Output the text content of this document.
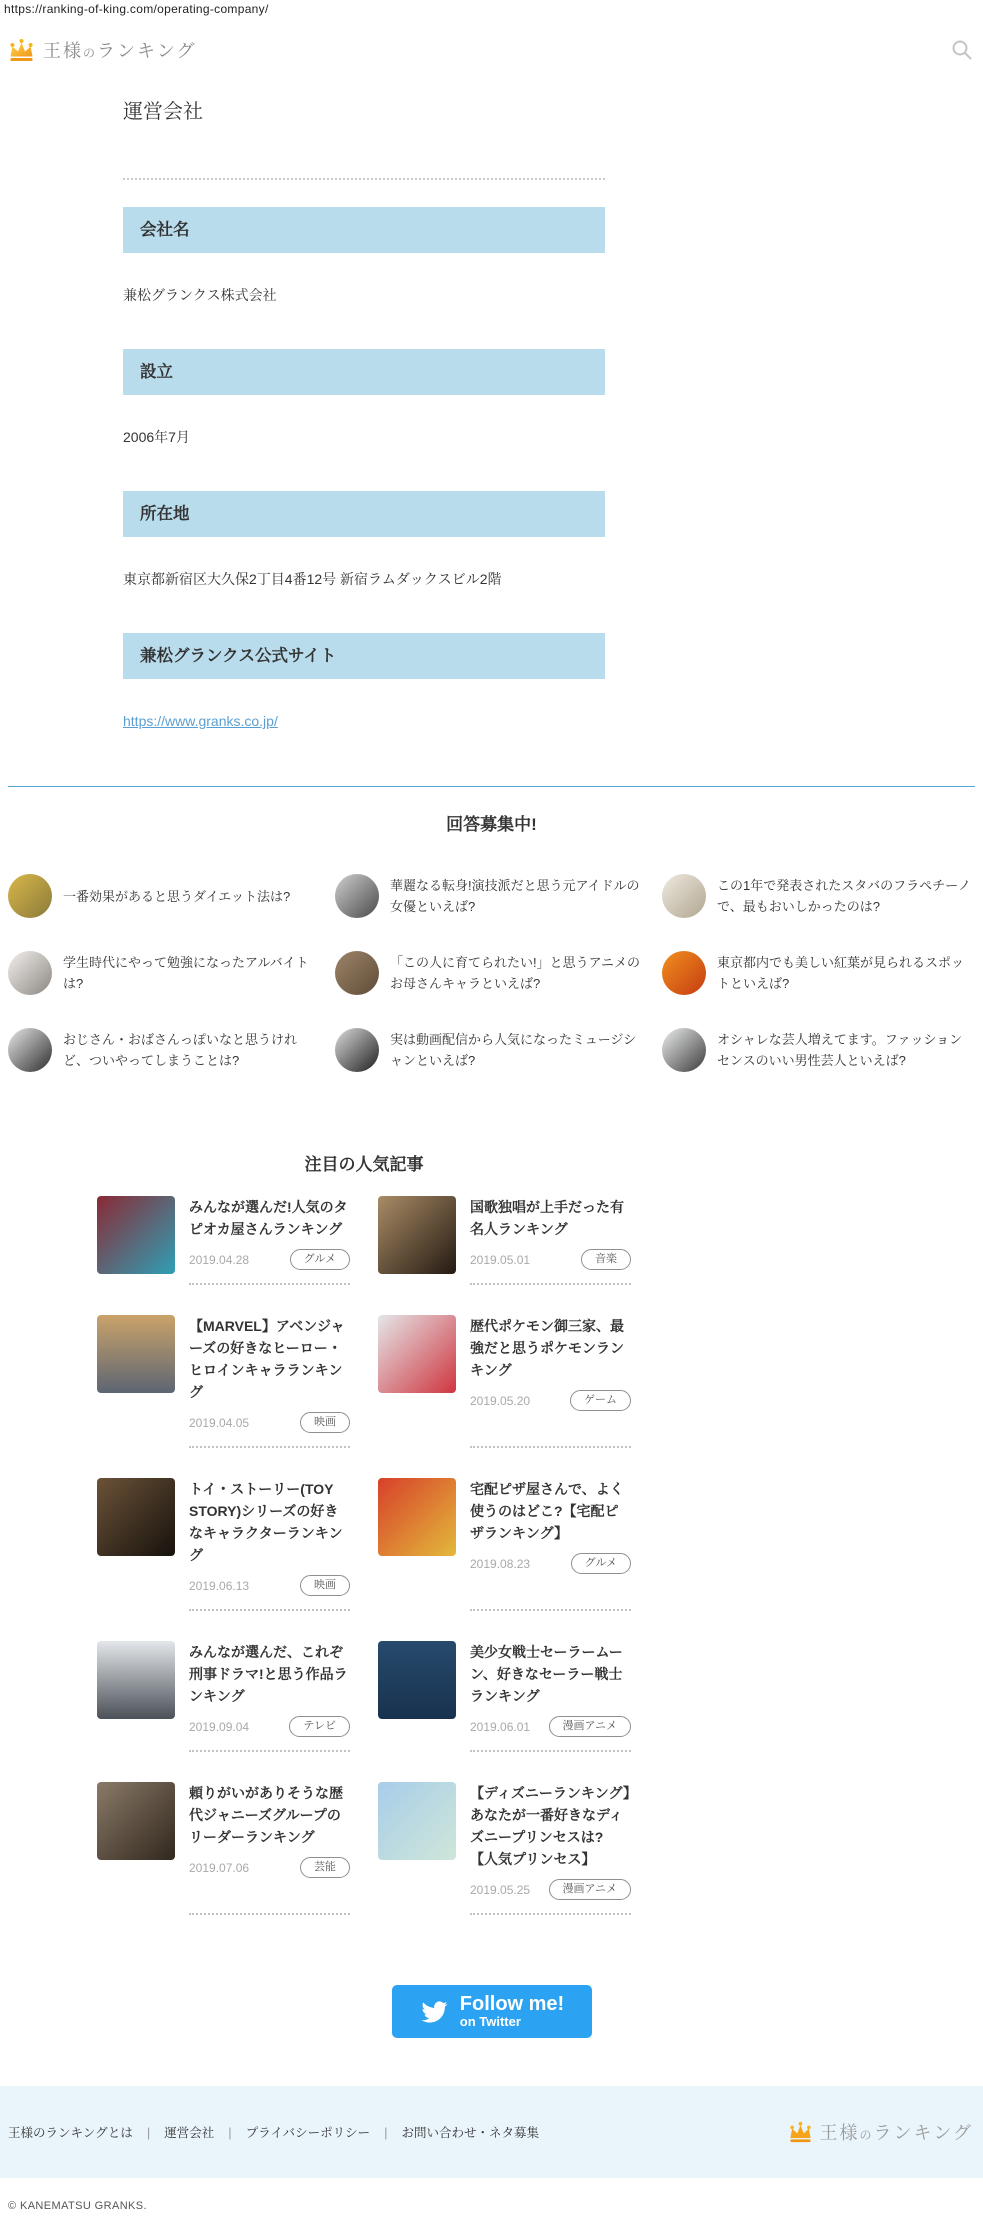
https://ranking-of-king.com/operating-company/
王様のランキング
運営会社
会社名
兼松グランクス株式会社
設立
2006年7月
所在地
東京都新宿区大久保2丁目4番12号 新宿ラムダックスビル2階
兼松グランクス公式サイト
https://www.granks.co.jp/
回答募集中!
一番効果があると思うダイエット法は?
華麗なる転身!演技派だと思う元アイドルの女優といえば?
この1年で発表されたスタバのフラペチーノで、最もおいしかったのは?
学生時代にやって勉強になったアルバイトは?
「この人に育てられたい!」と思うアニメのお母さんキャラといえば?
東京都内でも美しい紅葉が見られるスポットといえば?
おじさん・おばさんっぽいなと思うけれど、ついやってしまうことは?
実は動画配信から人気になったミュージシャンといえば?
オシャレな芸人増えてます。ファッションセンスのいい男性芸人といえば?
注目の人気記事
みんなが選んだ!人気のタピオカ屋さんランキング
2019.04.28	グルメ
国歌独唱が上手だった有名人ランキング
2019.05.01	音楽
【MARVEL】アベンジャーズの好きなヒーロー・ヒロインキャラランキング
2019.04.05	映画
歴代ポケモン御三家、最強だと思うポケモンランキング
2019.05.20	ゲーム
トイ・ストーリー(TOY STORY)シリーズの好きなキャラクターランキング
2019.06.13	映画
宅配ピザ屋さんで、よく使うのはどこ?【宅配ピザランキング】
2019.08.23	グルメ
みんなが選んだ、これぞ刑事ドラマ!と思う作品ランキング
2019.09.04	テレビ
美少女戦士セーラームーン、好きなセーラー戦士ランキング
2019.06.01	漫画アニメ
頼りがいがありそうな歴代ジャニーズグループのリーダーランキング
2019.07.06	芸能
【ディズニーランキング】あなたが一番好きなディズニープリンセスは?【人気プリンセス】
2019.05.25	漫画アニメ
Follow me!
on Twitter
王様のランキングとは | 運営会社 | プライバシーポリシー | お問い合わせ・ネタ募集	王様のランキング
© KANEMATSU GRANKS.
